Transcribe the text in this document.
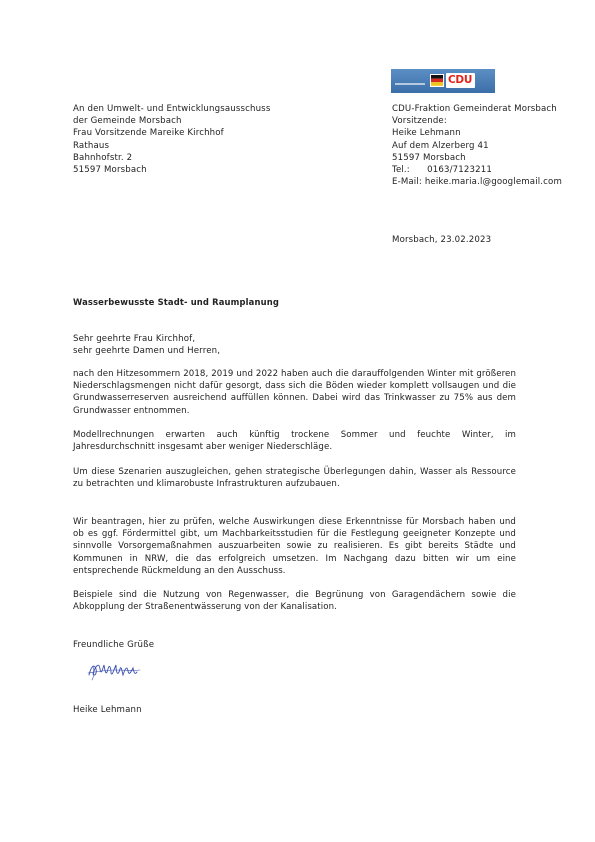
CDU
An den Umwelt- und Entwicklungsausschuss
der Gemeinde Morsbach
Frau Vorsitzende Mareike Kirchhof
Rathaus
Bahnhofstr. 2
51597 Morsbach
CDU-Fraktion Gemeinderat Morsbach
Vorsitzende:
Heike Lehmann
Auf dem Alzerberg 41
51597 Morsbach
Tel.:      0163/7123211
E-Mail: heike.maria.l@googlemail.com
Morsbach, 23.02.2023
Wasserbewusste Stadt- und Raumplanung
Sehr geehrte Frau Kirchhof,
sehr geehrte Damen und Herren,
nach den Hitzesommern 2018, 2019 und 2022 haben auch die darauffolgenden Winter mit größeren Niederschlagsmengen nicht dafür gesorgt, dass sich die Böden wieder komplett vollsaugen und die Grundwasserreserven ausreichend auffüllen können. Dabei wird das Trinkwasser zu 75% aus dem Grundwasser entnommen.
Modellrechnungen erwarten auch künftig trockene Sommer und feuchte Winter, im Jahresdurchschnitt insgesamt aber weniger Niederschläge.
Um diese Szenarien auszugleichen, gehen strategische Überlegungen dahin, Wasser als Ressource zu betrachten und klimarobuste Infrastrukturen aufzubauen.
Wir beantragen, hier zu prüfen, welche Auswirkungen diese Erkenntnisse für Morsbach haben und ob es ggf. Fördermittel gibt, um Machbarkeitsstudien für die Festlegung geeigneter Konzepte und sinnvolle Vorsorgemaßnahmen auszuarbeiten sowie zu realisieren. Es gibt bereits Städte und Kommunen in NRW, die das erfolgreich umsetzen. Im Nachgang dazu bitten wir um eine entsprechende Rückmeldung an den Ausschuss.
Beispiele sind die Nutzung von Regenwasser, die Begrünung von Garagendächern sowie die Abkopplung der Straßenentwässerung von der Kanalisation.
Freundliche Grüße
Heike Lehmann
